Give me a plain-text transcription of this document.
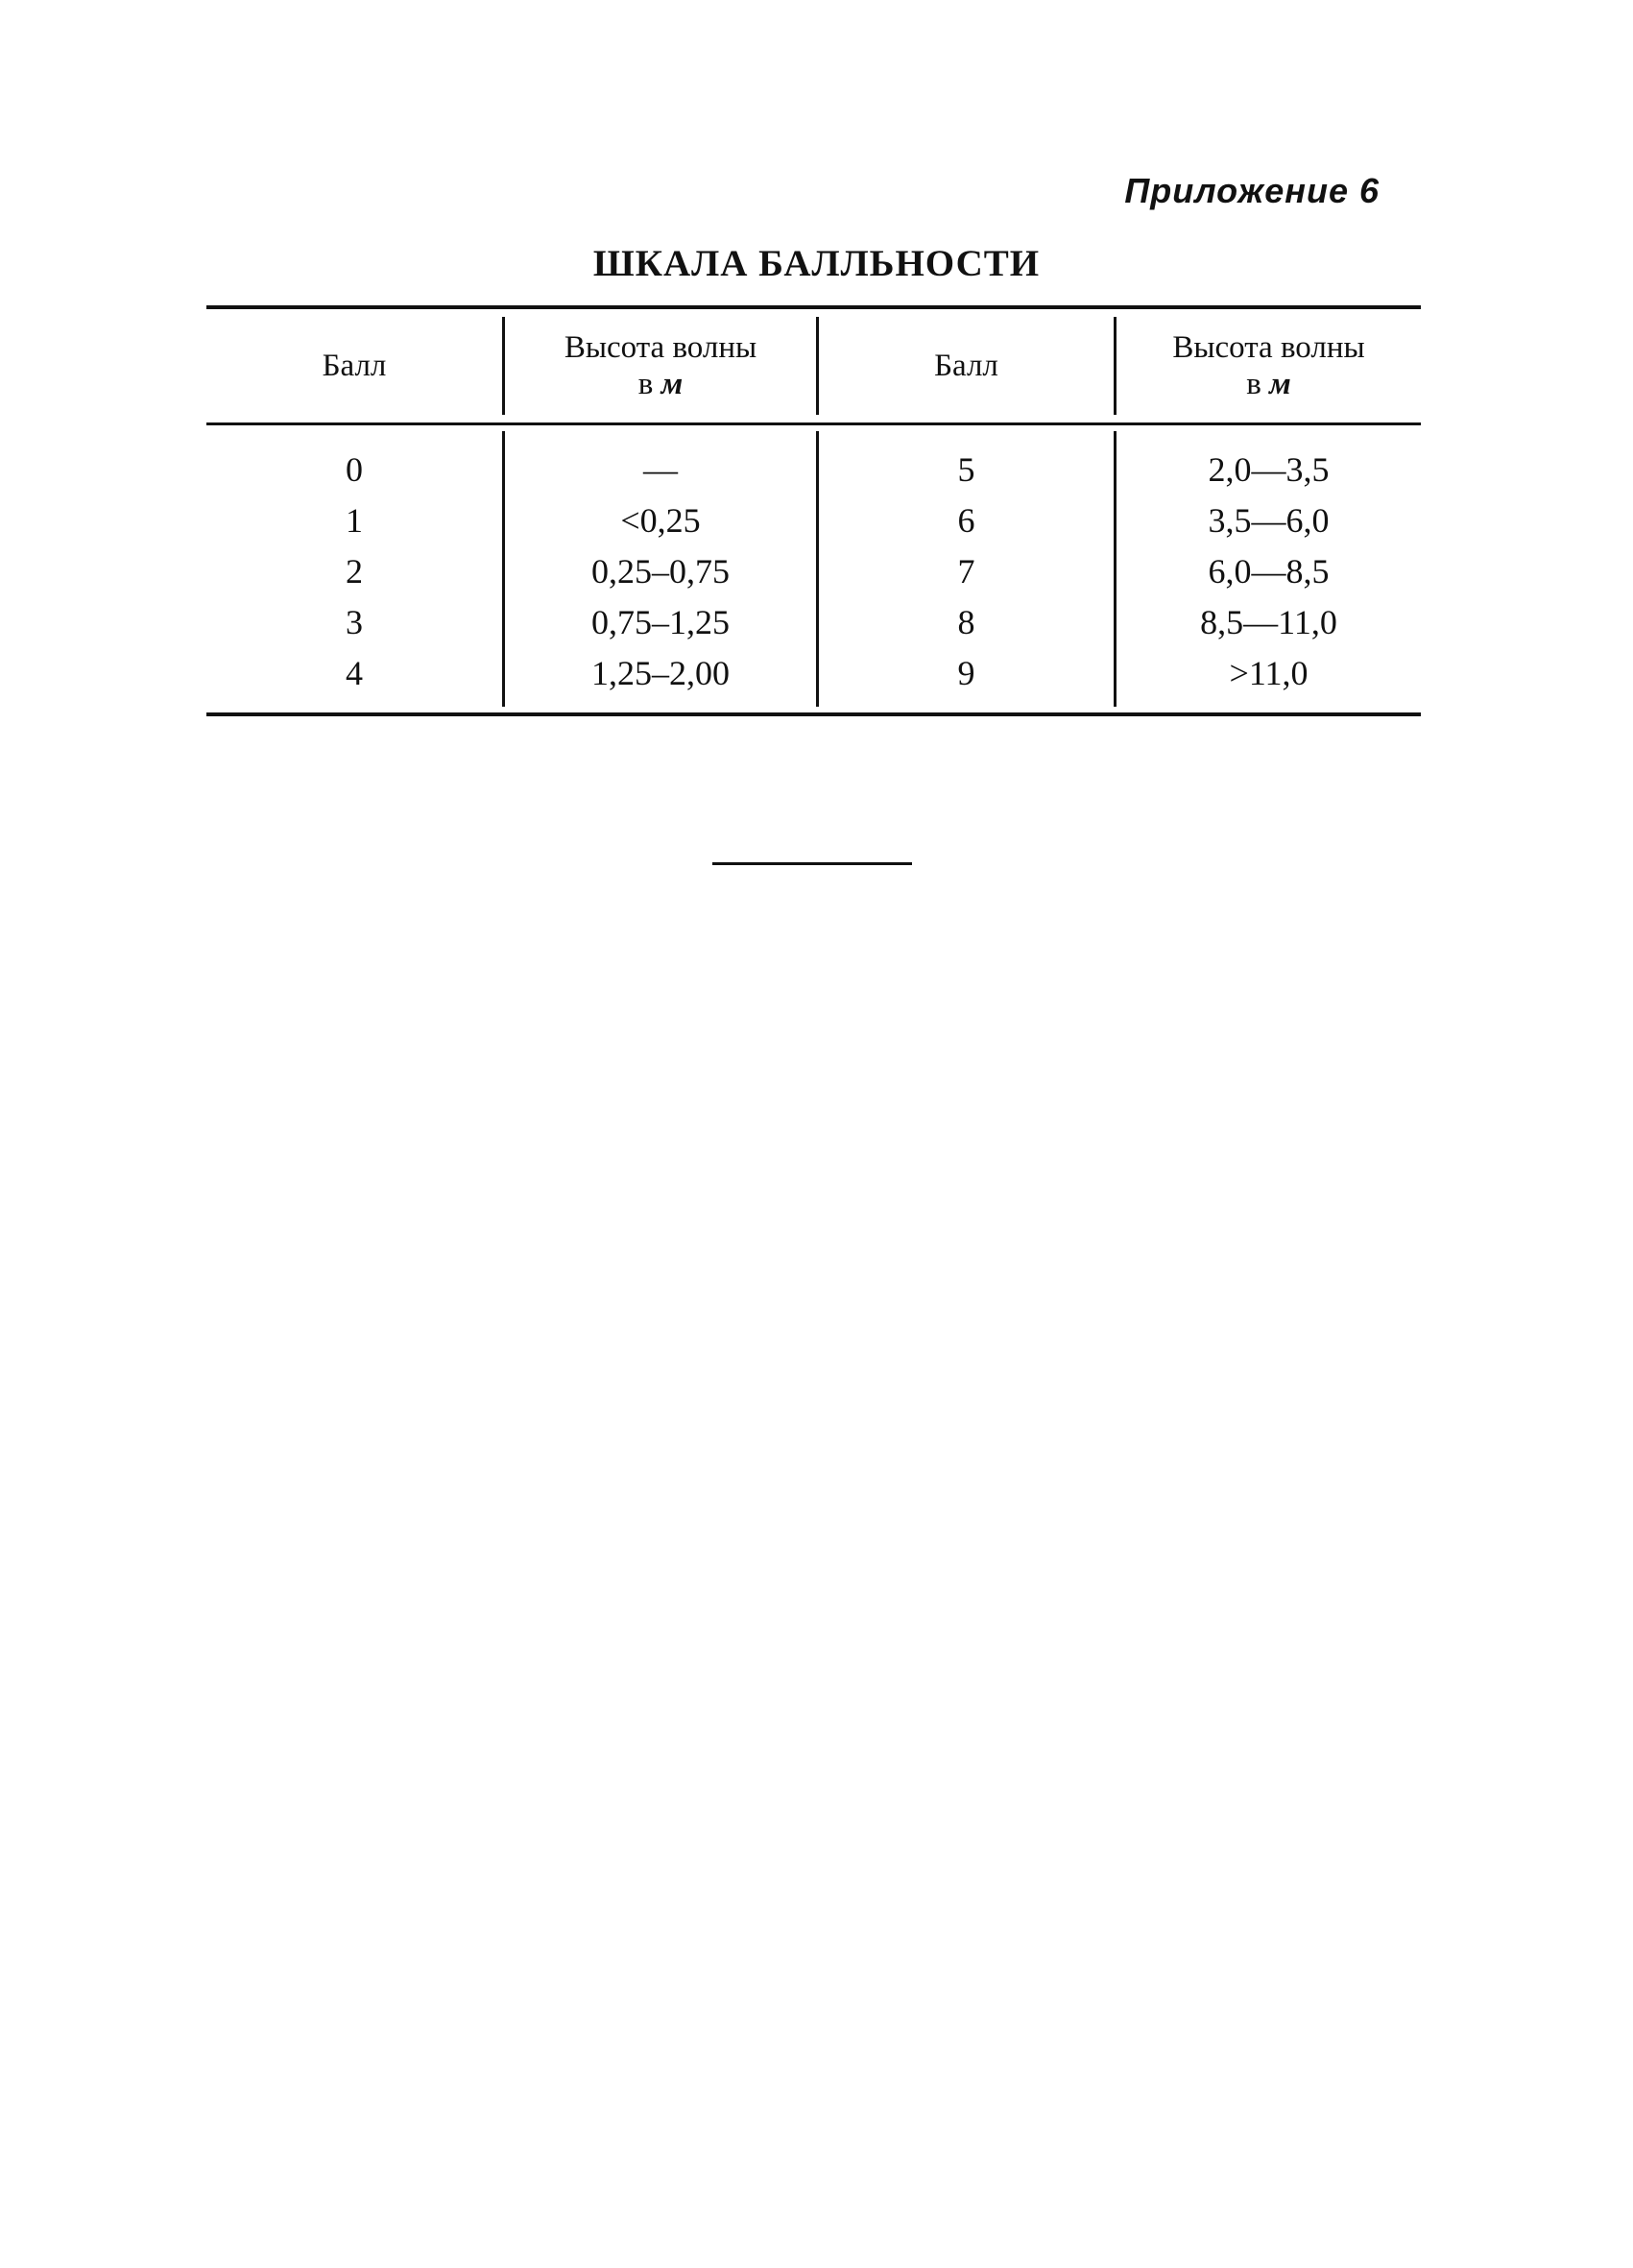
Приложение 6
ШКАЛА БАЛЛЬНОСТИ
Балл
Высота волны
в м
Балл
Высота волны
в м
0
1
2
3
4
—
<0,25
0,25–0,75
0,75–1,25
1,25–2,00
5
6
7
8
9
2,0—3,5
3,5—6,0
6,0—8,5
8,5—11,0
>11,0
